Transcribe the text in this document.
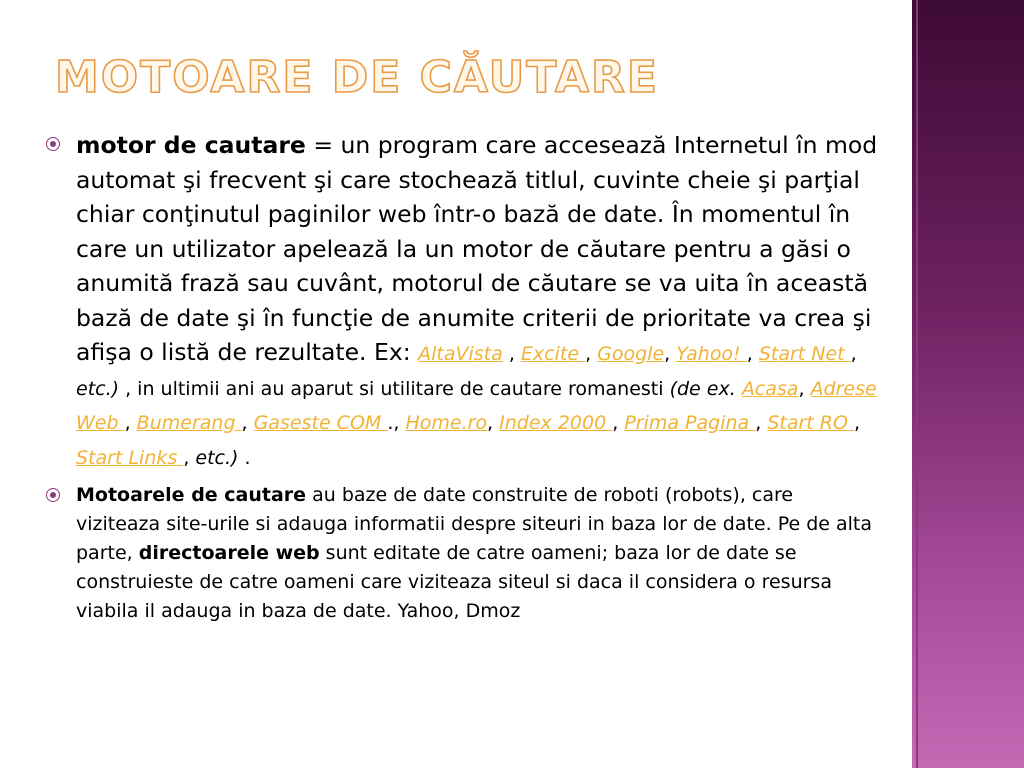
MOTOARE DE CĂUTARE
motor de cautare = un program care accesează Internetul în mod automat şi frecvent şi care stochează titlul, cuvinte cheie şi parţial chiar conţinutul paginilor web într-o bază de date. În momentul în care un utilizator apelează la un motor de căutare pentru a găsi o anumită frază sau cuvânt, motorul de căutare se va uita în această bază de date şi în funcţie de anumite criterii de prioritate va crea şi afişa o listă de rezultate. Ex: AltaVista , Excite , Google, Yahoo! , Start Net , etc.) , in ultimii ani au aparut si utilitare de cautare romanesti (de ex. Acasa, Adrese Web , Bumerang , Gaseste COM ., Home.ro, Index 2000 , Prima Pagina , Start RO , Start Links , etc.) .
Motoarele de cautare au baze de date construite de roboti (robots), care viziteaza site-urile si adauga informatii despre siteuri in baza lor de date. Pe de alta parte, directoarele web sunt editate de catre oameni; baza lor de date se construieste de catre oameni care viziteaza siteul si daca il considera o resursa viabila il adauga in baza de date. Yahoo, Dmoz
